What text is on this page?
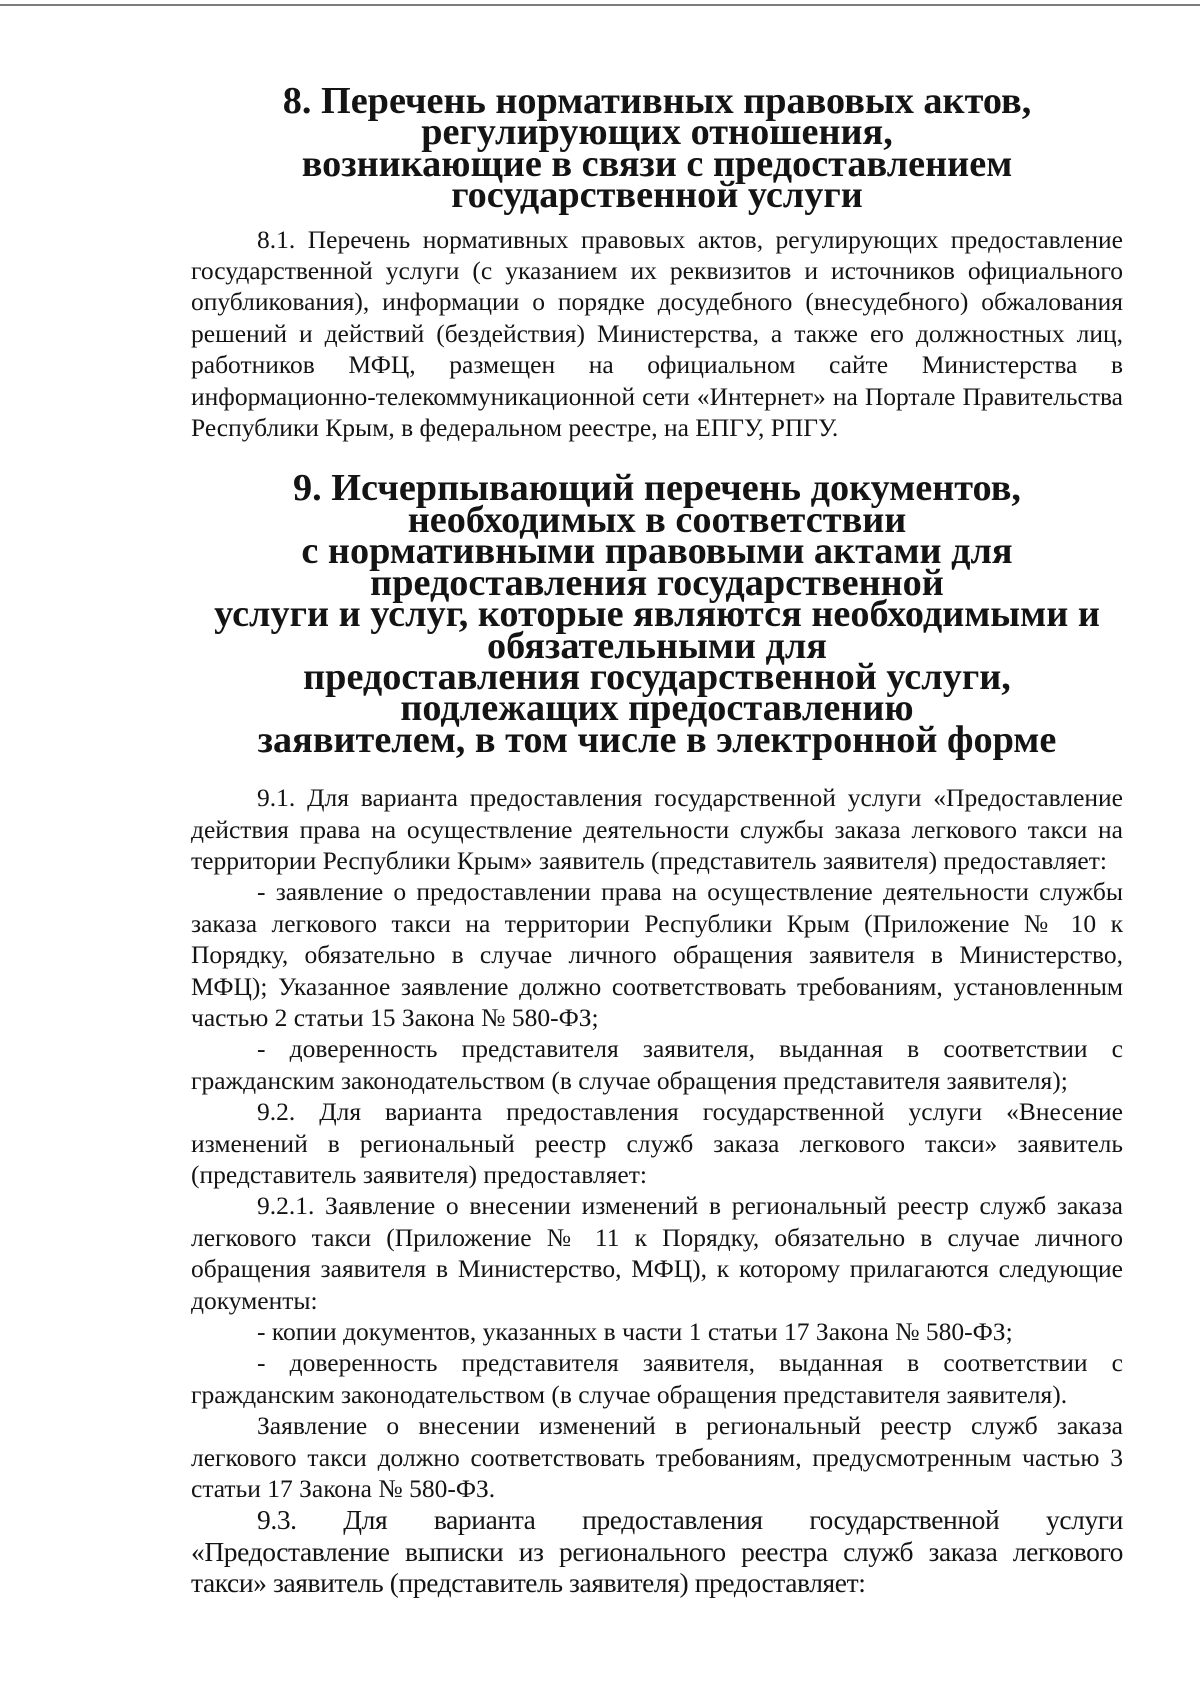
8. Перечень нормативных правовых актов, регулирующих отношения,
возникающие в связи с предоставлением государственной услуги

8.1. Перечень нормативных правовых актов, регулирующих предоставление государственной услуги (с указанием их реквизитов и источников официального опубликования), информации о порядке досудебного (внесудебного) обжалования решений и действий (бездействия) Министерства, а также его должностных лиц, работников МФЦ, размещен на официальном сайте Министерства в информационно-телекоммуникационной сети «Интернет» на Портале Правительства Республики Крым, в федеральном реестре, на ЕПГУ, РПГУ.

9. Исчерпывающий перечень документов, необходимых в соответствии
с нормативными правовыми актами для предоставления государственной
услуги и услуг, которые являются необходимыми и обязательными для
предоставления государственной услуги, подлежащих предоставлению
заявителем, в том числе в электронной форме

9.1. Для варианта предоставления государственной услуги «Предоставление действия права на осуществление деятельности службы заказа легкового такси на территории Республики Крым» заявитель (представитель заявителя) предоставляет:

- заявление о предоставлении права на осуществление деятельности службы заказа легкового такси на территории Республики Крым (Приложение № 10 к Порядку, обязательно в случае личного обращения заявителя в Министерство, МФЦ); Указанное заявление должно соответствовать требованиям, установленным частью 2 статьи 15 Закона № 580-ФЗ;

- доверенность представителя заявителя, выданная в соответствии с гражданским законодательством (в случае обращения представителя заявителя);

9.2. Для варианта предоставления государственной услуги «Внесение изменений в региональный реестр служб заказа легкового такси» заявитель (представитель заявителя) предоставляет:

9.2.1. Заявление о внесении изменений в региональный реестр служб заказа легкового такси (Приложение № 11 к Порядку, обязательно в случае личного обращения заявителя в Министерство, МФЦ), к которому прилагаются следующие документы:

- копии документов, указанных в части 1 статьи 17 Закона № 580-ФЗ;

- доверенность представителя заявителя, выданная в соответствии с гражданским законодательством (в случае обращения представителя заявителя).

Заявление о внесении изменений в региональный реестр служб заказа легкового такси должно соответствовать требованиям, предусмотренным частью 3 статьи 17 Закона № 580-ФЗ.

9.3. Для варианта предоставления государственной услуги «Предоставление выписки из регионального реестра служб заказа легкового такси» заявитель (представитель заявителя) предоставляет:
